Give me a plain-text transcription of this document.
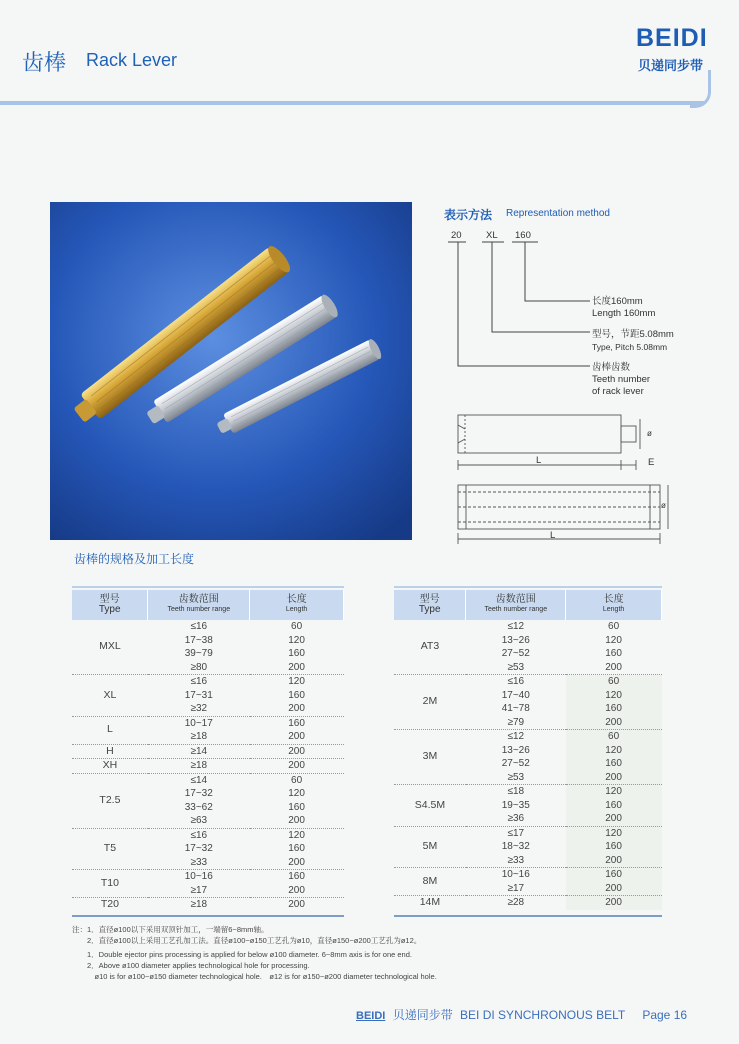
齿棒 Rack Lever
BEIDI
贝递同步带
表示方法 Representation method
20	XL 160
长度160mm
Length 160mm
型号，节距5.08mm
Type, Pitch 5.08mm
齿棒齿数
Teeth number
of rack lever
L	E
ø
L
ø
齿棒的规格及加工长度
型号
Type	齿数范围
Teeth number range	长度
Length

MXL	≤16	60
	17~38	120
	39~79	160
	≥80	200
XL	≤16	120
	17~31	160
	≥32	200
L	10~17	160
	≥18	200
H	≥14	200
XH	≥18	200
T2.5	≤14	60
	17~32	120
	33~62	160
	≥63	200
T5	≤16	120
	17~32	160
	≥33	200
T10	10~16	160
	≥17	200
T20	≥18	200
型号
Type	齿数范围
Teeth number range	长度
Length

AT3	≤12	60
	13~26	120
	27~52	160
	≥53	200
2M	≤16	60
	17~40	120
	41~78	160
	≥79	200
3M	≤12	60
	13~26	120
	27~52	160
	≥53	200
S4.5M	≤18	120
	19~35	160
	≥36	200
5M	≤17	120
	18~32	160
	≥33	200
8M	10~16	160
	≥17	200
14M	≥28	200
注：1．直径ø100以下采用双顶针加工，一端留6~8mm轴。
　　2．直径ø100以上采用工艺孔加工法。直径ø100~ø150工艺孔为ø10，直径ø150~ø200工艺孔为ø12。
　　1．Double ejector pins processing is applied for below ø100 diameter. 6~8mm axis is for one end.
　　2．Above ø100 diameter applies technological hole for processing.
　　　ø10 is for ø100~ø150 diameter technological hole.　ø12 is for ø150~ø200 diameter technological hole.
BEIDI 贝递同步带 BEI DI SYNCHRONOUS BELT Page 16
